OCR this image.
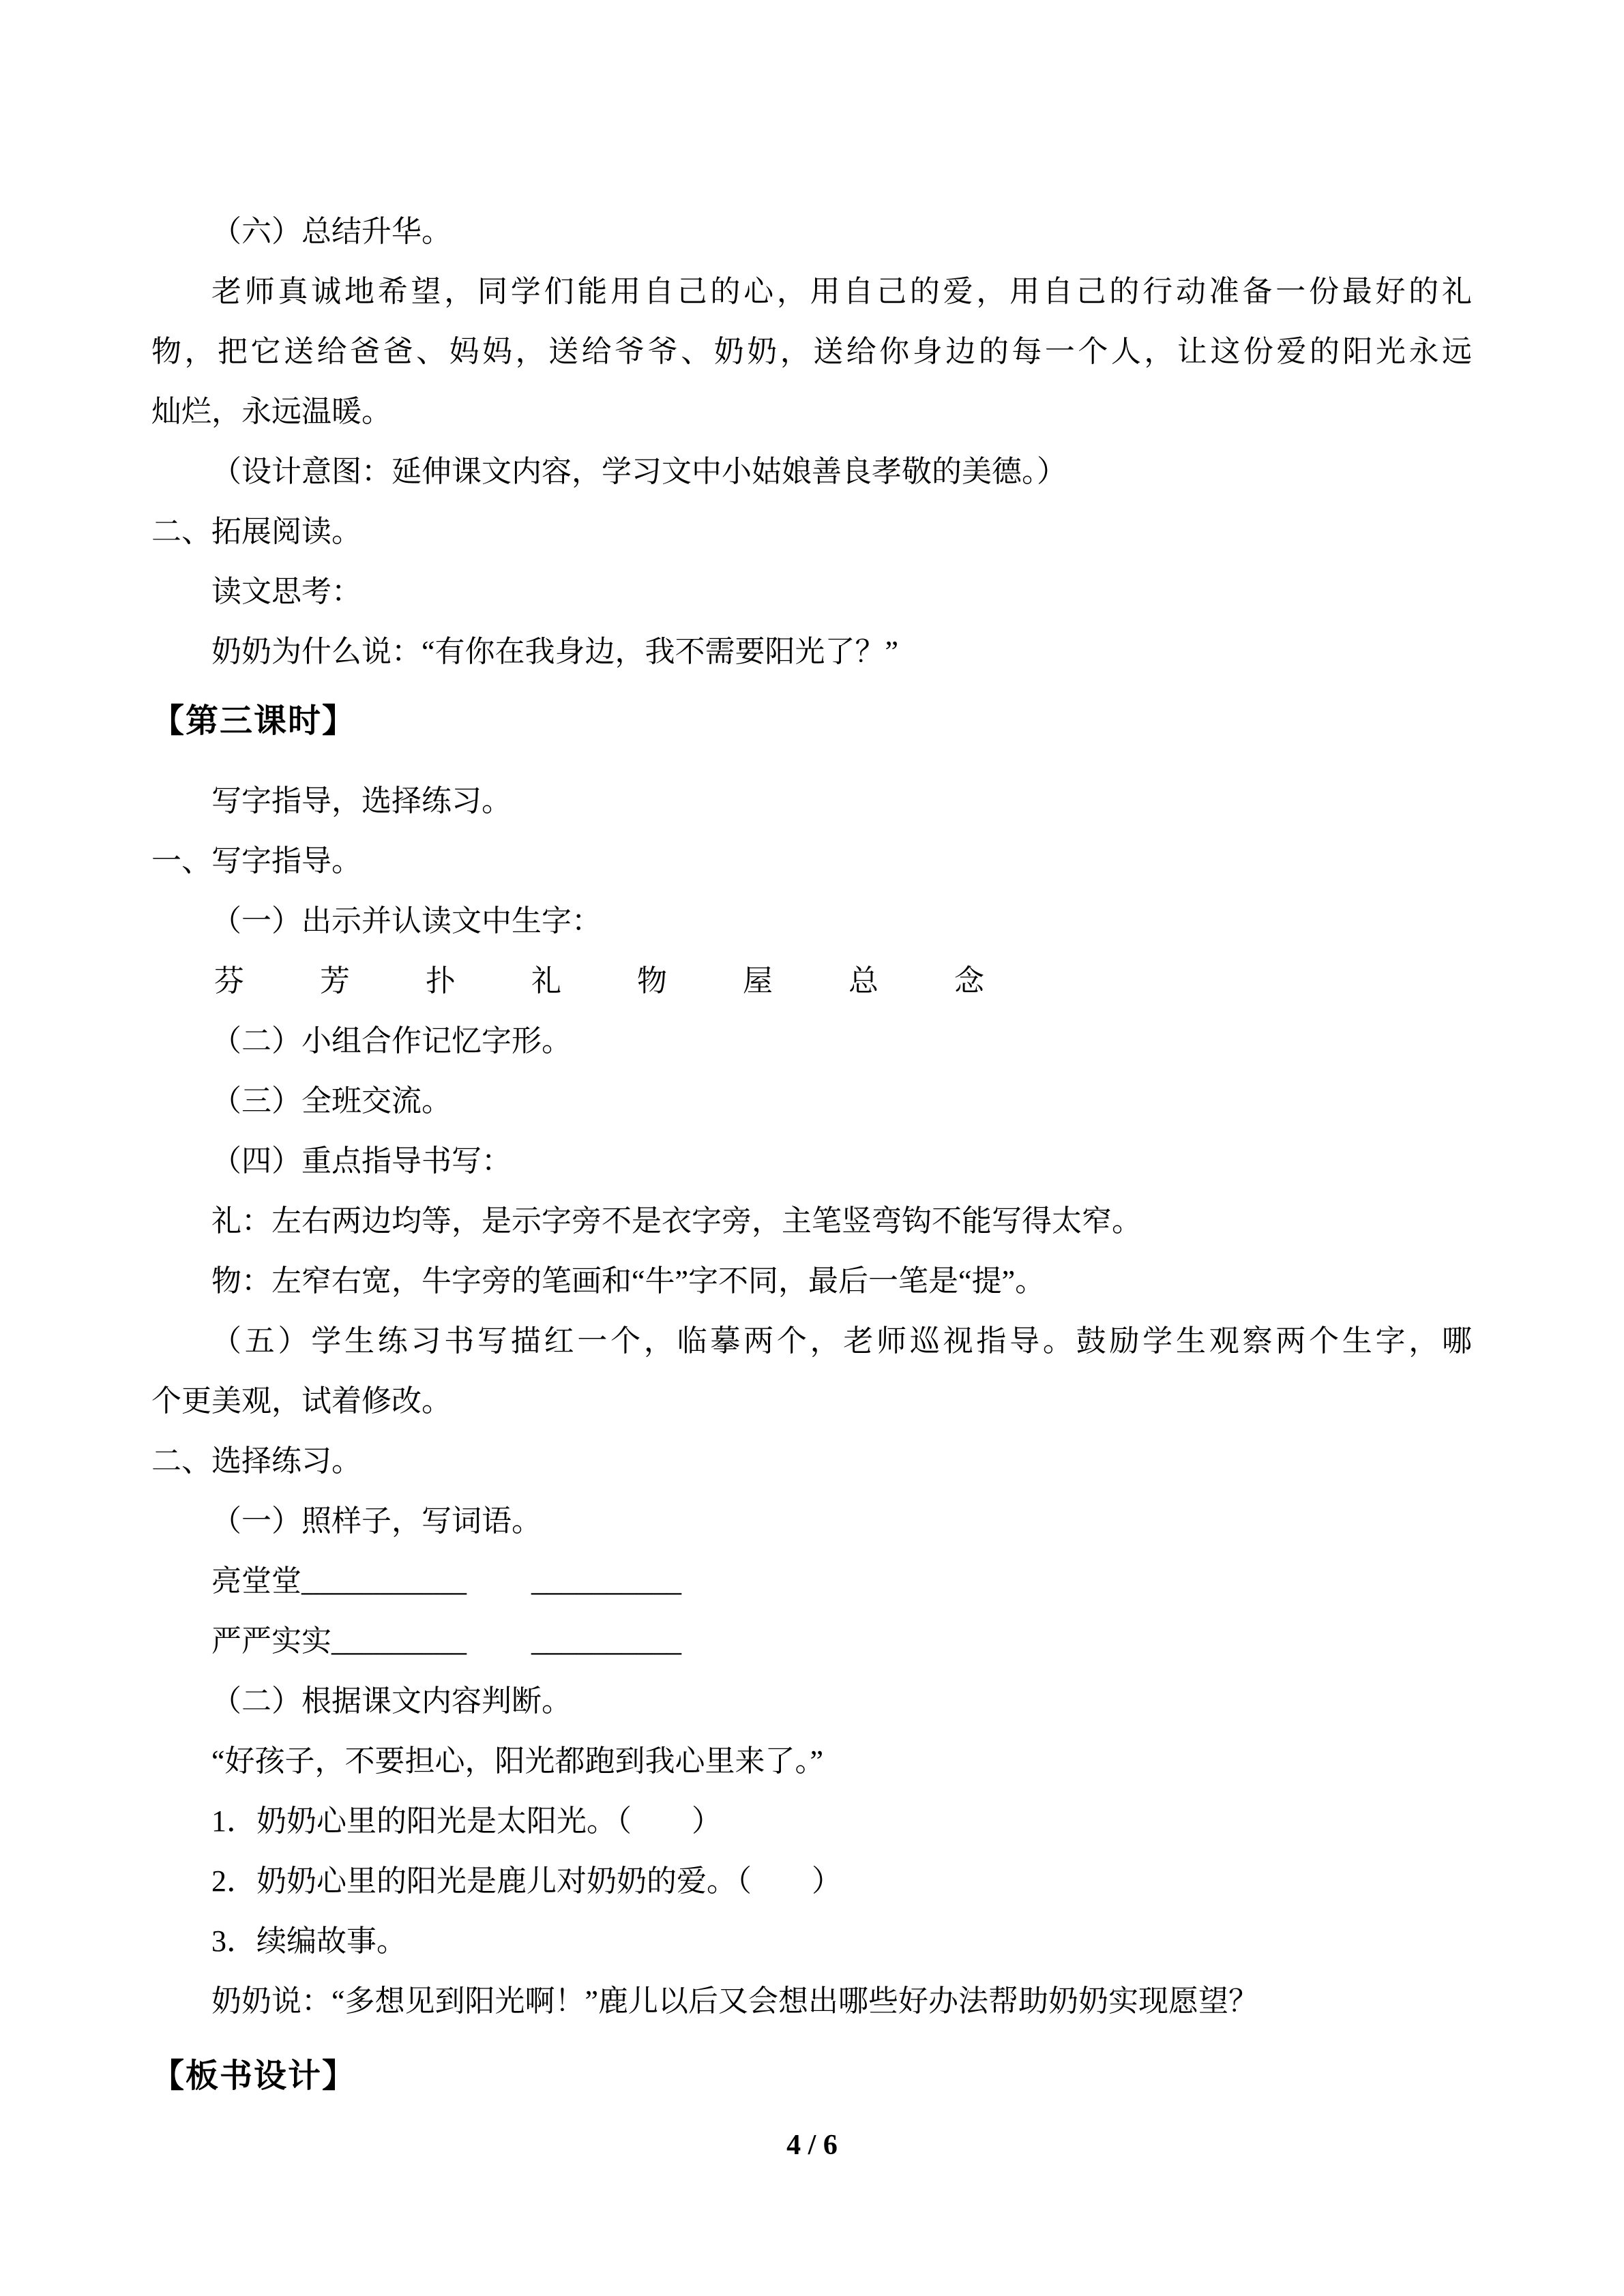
（六）总结升华。
老师真诚地希望，同学们能用自己的心，用自己的爱，用自己的行动准备一份最好的礼
物，把它送给爸爸、妈妈，送给爷爷、奶奶，送给你身边的每一个人，让这份爱的阳光永远
灿烂，永远温暖。
（设计意图：延伸课文内容，学习文中小姑娘善良孝敬的美德。）
二、拓展阅读。
读文思考：
奶奶为什么说：“有你在我身边，我不需要阳光了？”
【第三课时】
写字指导，选择练习。
一、写字指导。
（一）出示并认读文中生字：
芬	芳	扑	礼	物	屋	总	念
（二）小组合作记忆字形。
（三）全班交流。
（四）重点指导书写：
礼：左右两边均等，是示字旁不是衣字旁，主笔竖弯钩不能写得太窄。
物：左窄右宽，牛字旁的笔画和“牛”字不同，最后一笔是“提”。
（五）学生练习书写描红一个，临摹两个，老师巡视指导。鼓励学生观察两个生字，哪
个更美观，试着修改。
二、选择练习。
（一）照样子，写词语。
亮堂堂___________ __________
严严实实_________ __________
（二）根据课文内容判断。
“好孩子，不要担心，阳光都跑到我心里来了。”
1．奶奶心里的阳光是太阳光。（　　）
2．奶奶心里的阳光是鹿儿对奶奶的爱。（　　）
3．续编故事。
奶奶说：“多想见到阳光啊！”鹿儿以后又会想出哪些好办法帮助奶奶实现愿望？
【板书设计】
4 / 6
